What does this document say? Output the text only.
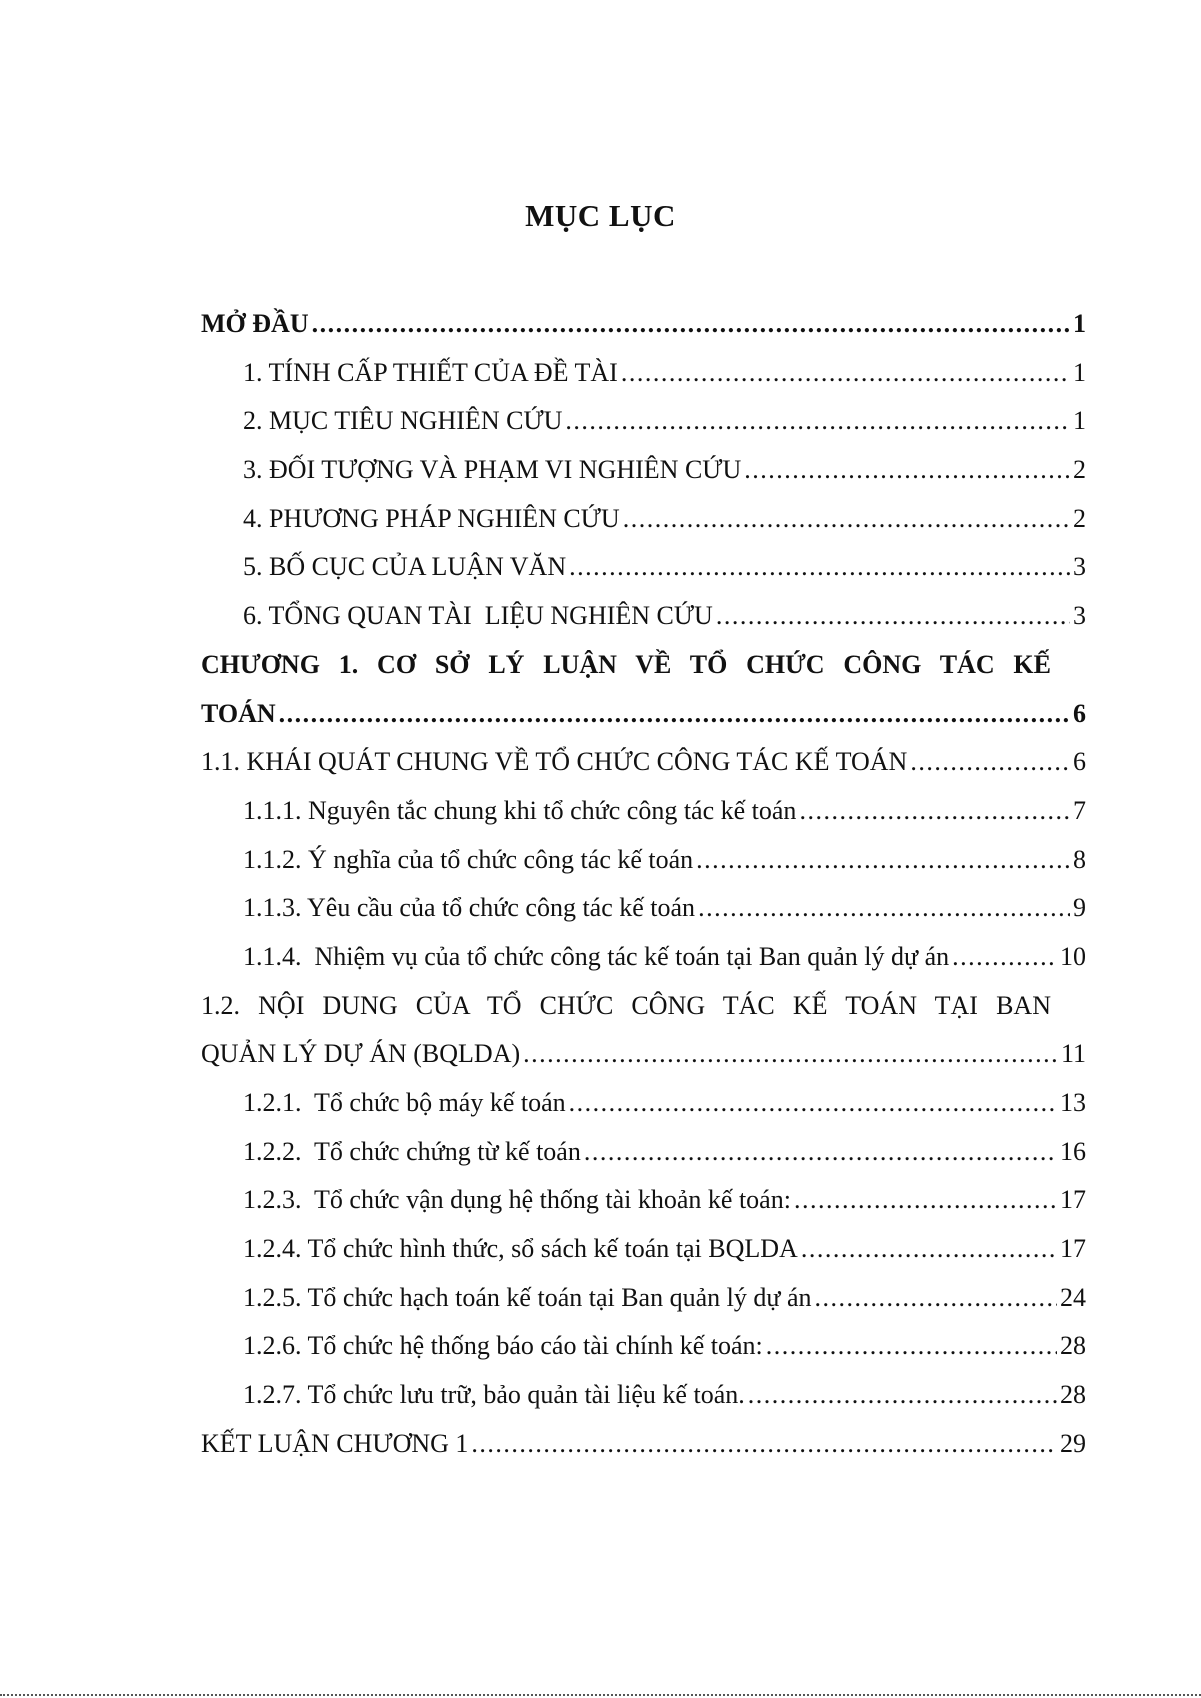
MỤC LỤC
MỞ ĐẦU .....	1
1. TÍNH CẤP THIẾT CỦA ĐỀ TÀI .....	1
2. MỤC TIÊU NGHIÊN CỨU .....	1
3. ĐỐI TƯỢNG VÀ PHẠM VI NGHIÊN CỨU .....	2
4. PHƯƠNG PHÁP NGHIÊN CỨU .....	2
5. BỐ CỤC CỦA LUẬN VĂN .....	3
6. TỔNG QUAN TÀI  LIỆU NGHIÊN CỨU .....	3
CHƯƠNG 1. CƠ SỞ LÝ LUẬN VỀ TỔ CHỨC CÔNG TÁC KẾ
TOÁN .....	6
1.1. KHÁI QUÁT CHUNG VỀ TỔ CHỨC CÔNG TÁC KẾ TOÁN .....	6
1.1.1. Nguyên tắc chung khi tổ chức công tác kế toán .....	7
1.1.2. Ý nghĩa của tổ chức công tác kế toán .....	8
1.1.3. Yêu cầu của tổ chức công tác kế toán .....	9
1.1.4.  Nhiệm vụ của tổ chức công tác kế toán tại Ban quản lý dự án .....	10
1.2. NỘI DUNG CỦA TỔ CHỨC CÔNG TÁC KẾ TOÁN TẠI BAN
QUẢN LÝ DỰ ÁN (BQLDA) .....	11
1.2.1.  Tổ chức bộ máy kế toán .....	13
1.2.2.  Tổ chức chứng từ kế toán .....	16
1.2.3.  Tổ chức vận dụng hệ thống tài khoản kế toán: .....	17
1.2.4. Tổ chức hình thức, sổ sách kế toán tại BQLDA .....	17
1.2.5. Tổ chức hạch toán kế toán tại Ban quản lý dự án .....	24
1.2.6. Tổ chức hệ thống báo cáo tài chính kế toán: .....	28
1.2.7. Tổ chức lưu trữ, bảo quản tài liệu kế toán. .....	28
KẾT LUẬN CHƯƠNG 1 .....	29
